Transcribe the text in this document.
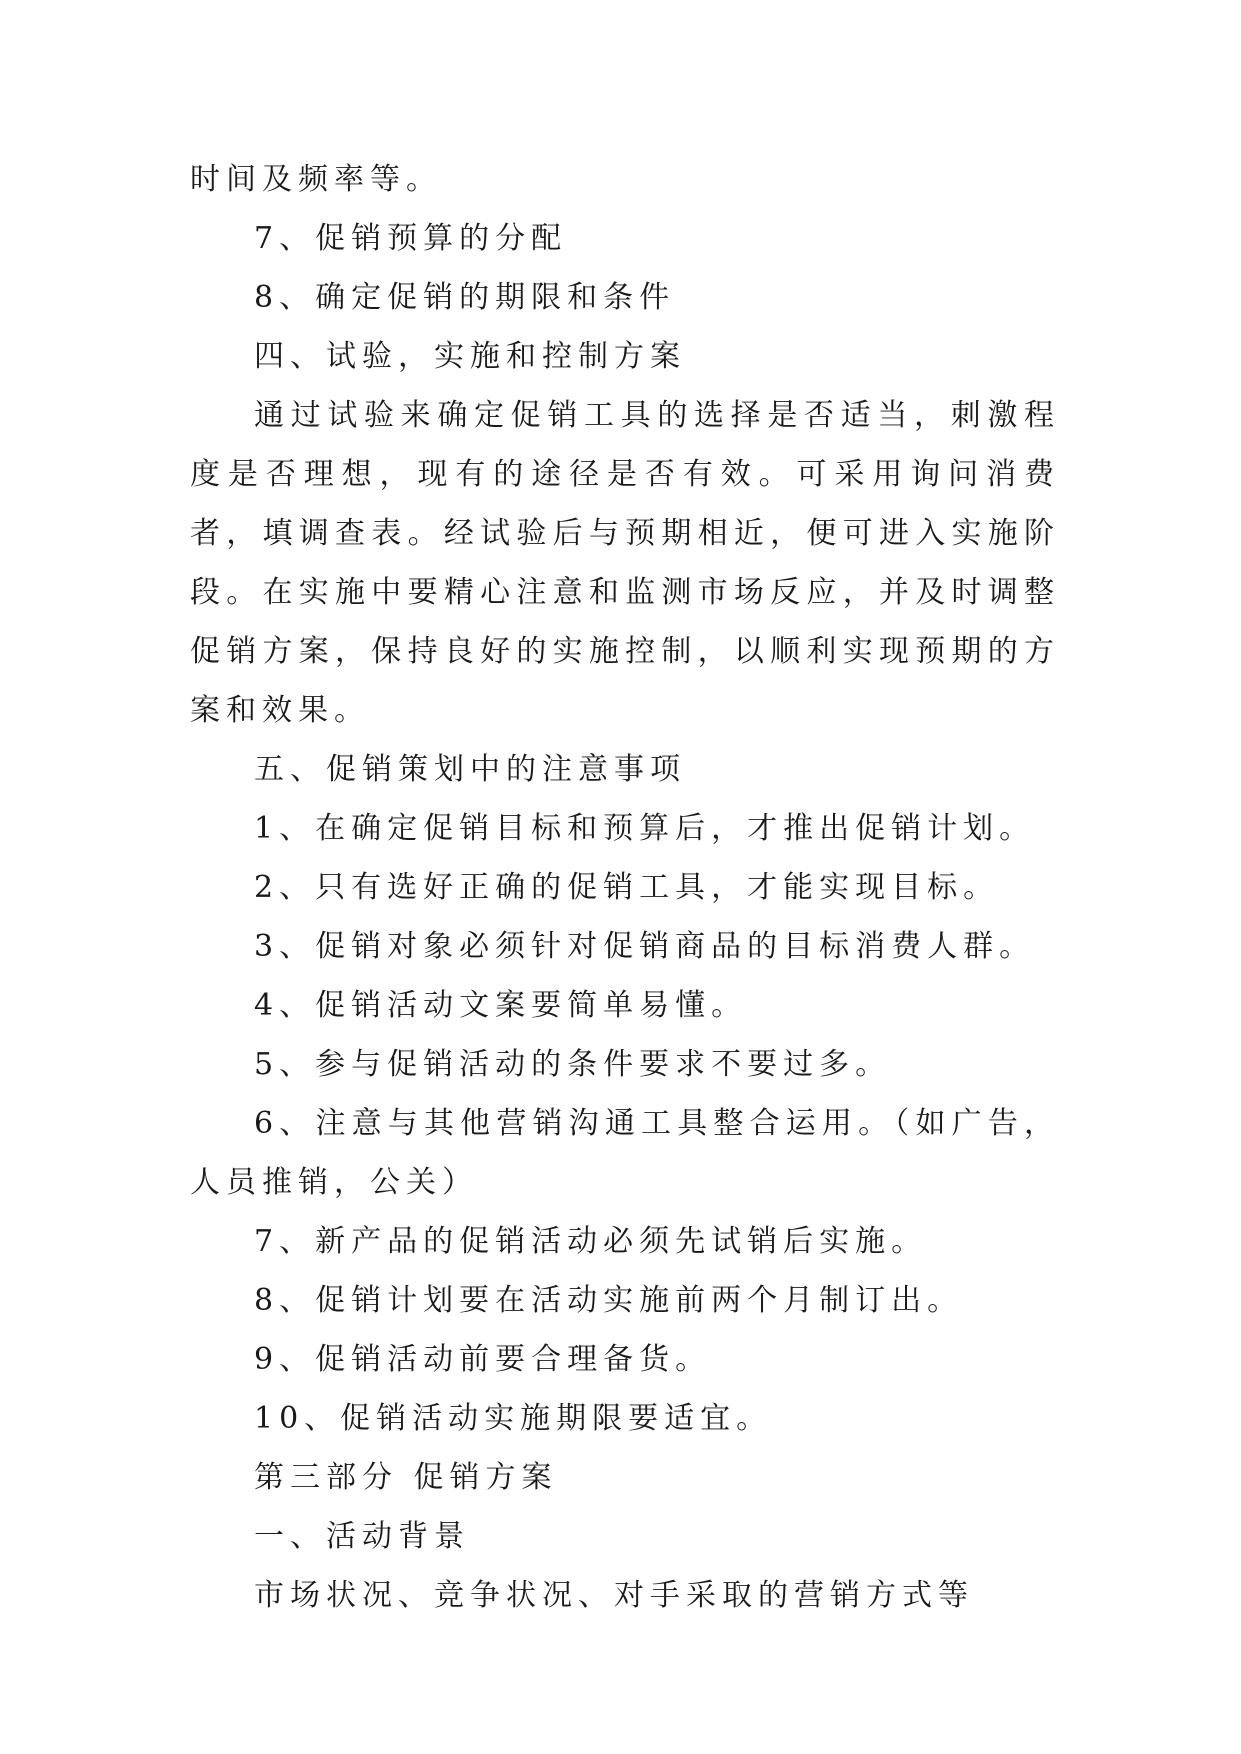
时间及频率等。

7、促销预算的分配

8、确定促销的期限和条件

四、试验，实施和控制方案

通过试验来确定促销工具的选择是否适当，刺激程度是否理想，现有的途径是否有效。可采用询问消费者，填调查表。经试验后与预期相近，便可进入实施阶段。在实施中要精心注意和监测市场反应，并及时调整促销方案，保持良好的实施控制，以顺利实现预期的方案和效果。

五、促销策划中的注意事项

1、在确定促销目标和预算后，才推出促销计划。

2、只有选好正确的促销工具，才能实现目标。

3、促销对象必须针对促销商品的目标消费人群。

4、促销活动文案要简单易懂。

5、参与促销活动的条件要求不要过多。

6、注意与其他营销沟通工具整合运用。（如广告，人员推销，公关）

7、新产品的促销活动必须先试销后实施。

8、促销计划要在活动实施前两个月制订出。

9、促销活动前要合理备货。

10、促销活动实施期限要适宜。

第三部分 促销方案

一、活动背景

市场状况、竞争状况、对手采取的营销方式等
